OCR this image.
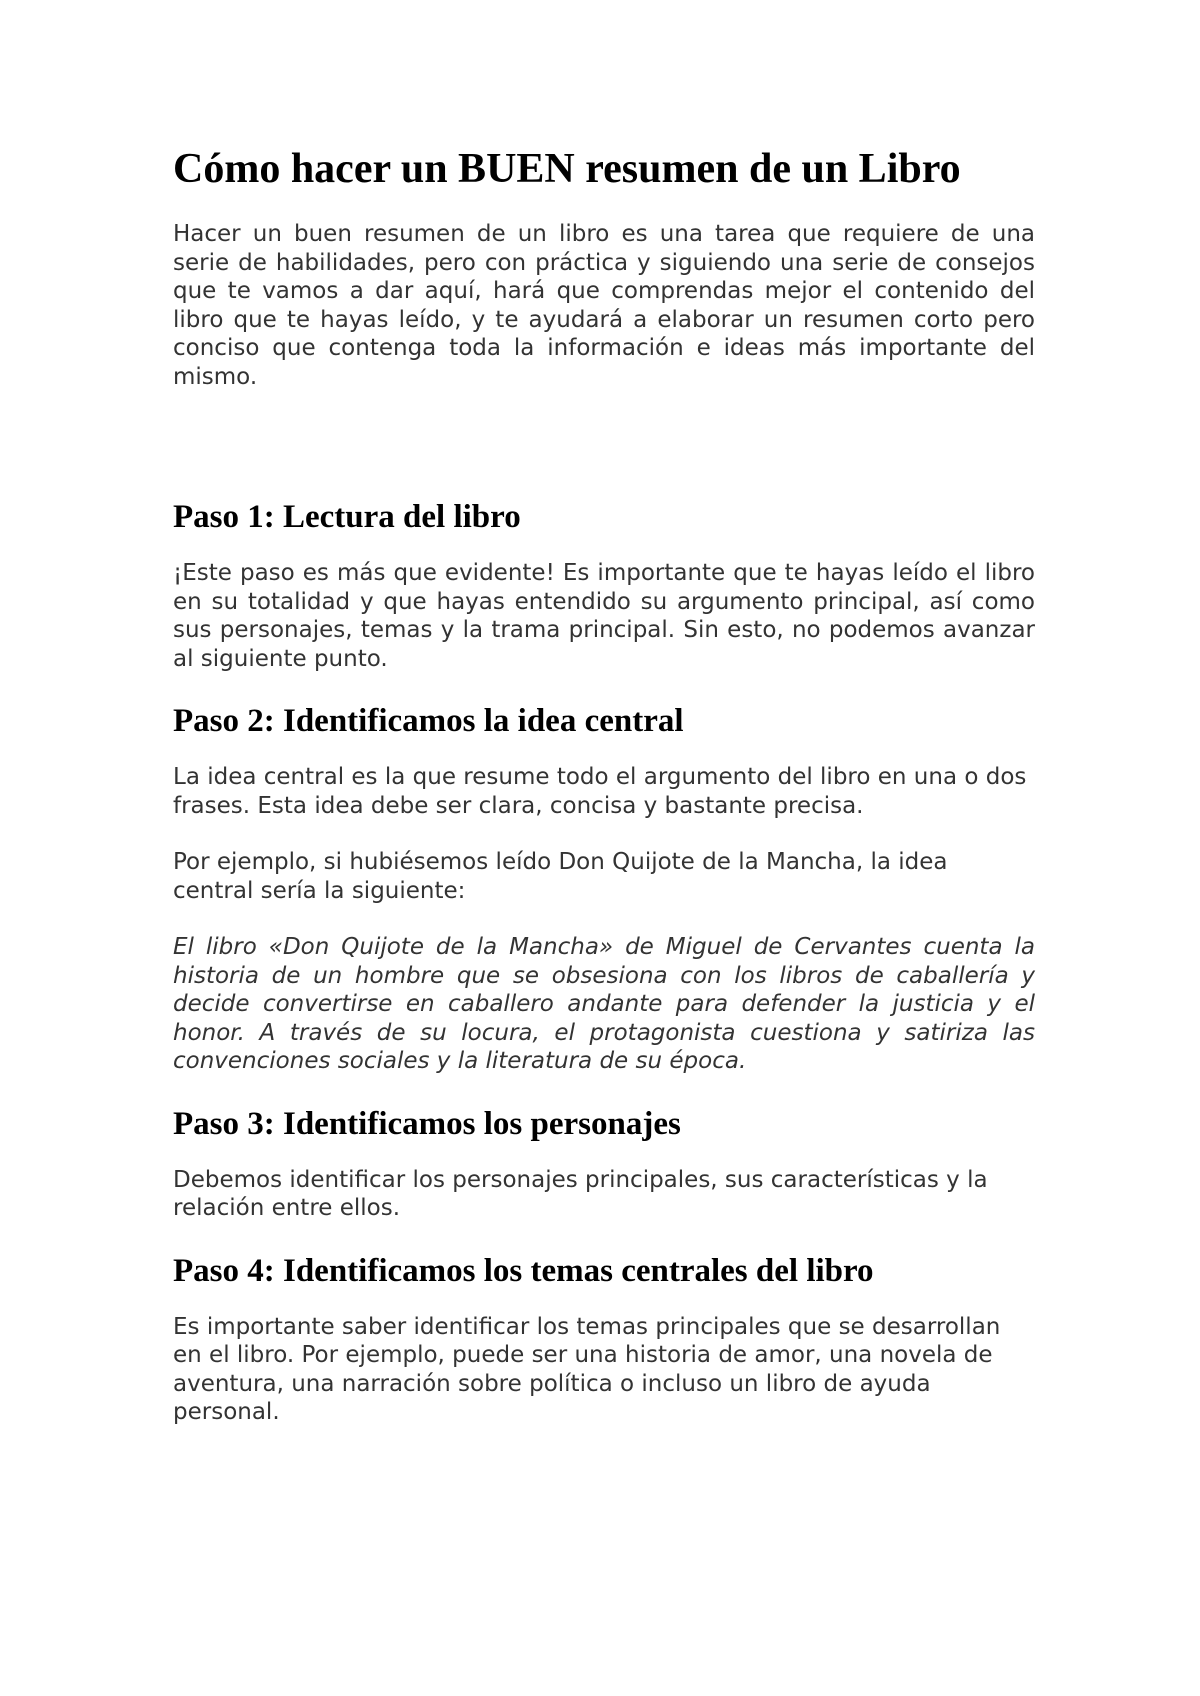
Cómo hacer un BUEN resumen de un Libro

Hacer un buen resumen de un libro es una tarea que requiere de una serie de habilidades, pero con práctica y siguiendo una serie de consejos que te vamos a dar aquí, hará que comprendas mejor el contenido del libro que te hayas leído, y te ayudará a elaborar un resumen corto pero conciso que contenga toda la información e ideas más importante del mismo.

Paso 1: Lectura del libro

¡Este paso es más que evidente! Es importante que te hayas leído el libro en su totalidad y que hayas entendido su argumento principal, así como sus personajes, temas y la trama principal. Sin esto, no podemos avanzar al siguiente punto.

Paso 2: Identificamos la idea central

La idea central es la que resume todo el argumento del libro en una o dos frases. Esta idea debe ser clara, concisa y bastante precisa.

Por ejemplo, si hubiésemos leído Don Quijote de la Mancha, la idea central sería la siguiente:

El libro «Don Quijote de la Mancha» de Miguel de Cervantes cuenta la historia de un hombre que se obsesiona con los libros de caballería y decide convertirse en caballero andante para defender la justicia y el honor. A través de su locura, el protagonista cuestiona y satiriza las convenciones sociales y la literatura de su época.

Paso 3: Identificamos los personajes

Debemos identificar los personajes principales, sus características y la relación entre ellos.

Paso 4: Identificamos los temas centrales del libro

Es importante saber identificar los temas principales que se desarrollan en el libro. Por ejemplo, puede ser una historia de amor, una novela de aventura, una narración sobre política o incluso un libro de ayuda personal.
